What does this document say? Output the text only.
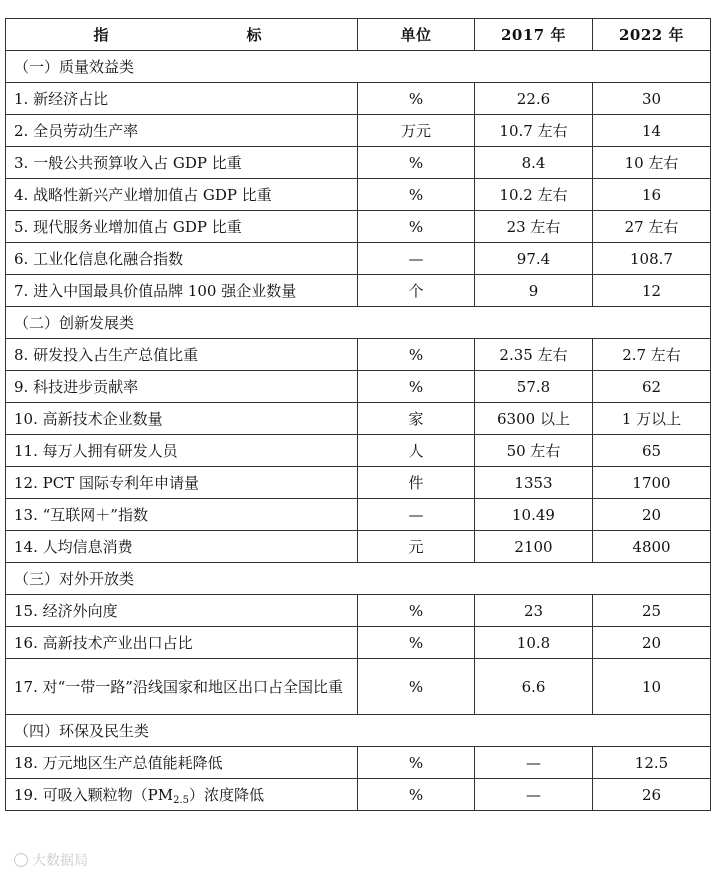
指　　标	单位	2017 年	2022 年
（一）质量效益类			
1. 新经济占比	%	22.6	30
2. 全员劳动生产率	万元	10.7 左右	14
3. 一般公共预算收入占 GDP 比重	%	8.4	10 左右
4. 战略性新兴产业增加值占 GDP 比重	%	10.2 左右	16
5. 现代服务业增加值占 GDP 比重	%	23 左右	27 左右
6. 工业化信息化融合指数	—	97.4	108.7
7. 进入中国最具价值品牌 100 强企业数量	个	9	12
（二）创新发展类			
8. 研发投入占生产总值比重	%	2.35 左右	2.7 左右
9. 科技进步贡献率	%	57.8	62
10. 高新技术企业数量	家	6300 以上	1 万以上
11. 每万人拥有研发人员	人	50 左右	65
12. PCT 国际专利年申请量	件	1353	1700
13. “互联网＋”指数	—	10.49	20
14. 人均信息消费	元	2100	4800
（三）对外开放类			
15. 经济外向度	%	23	25
16. 高新技术产业出口占比	%	10.8	20
17. 对“一带一路”沿线国家和地区出口占全国比重	%	6.6	10
（四）环保及民生类			
18. 万元地区生产总值能耗降低	%	—	12.5
19. 可吸入颗粒物$(PM_{2.5})$浓度降低	%	—	26
大数据局
